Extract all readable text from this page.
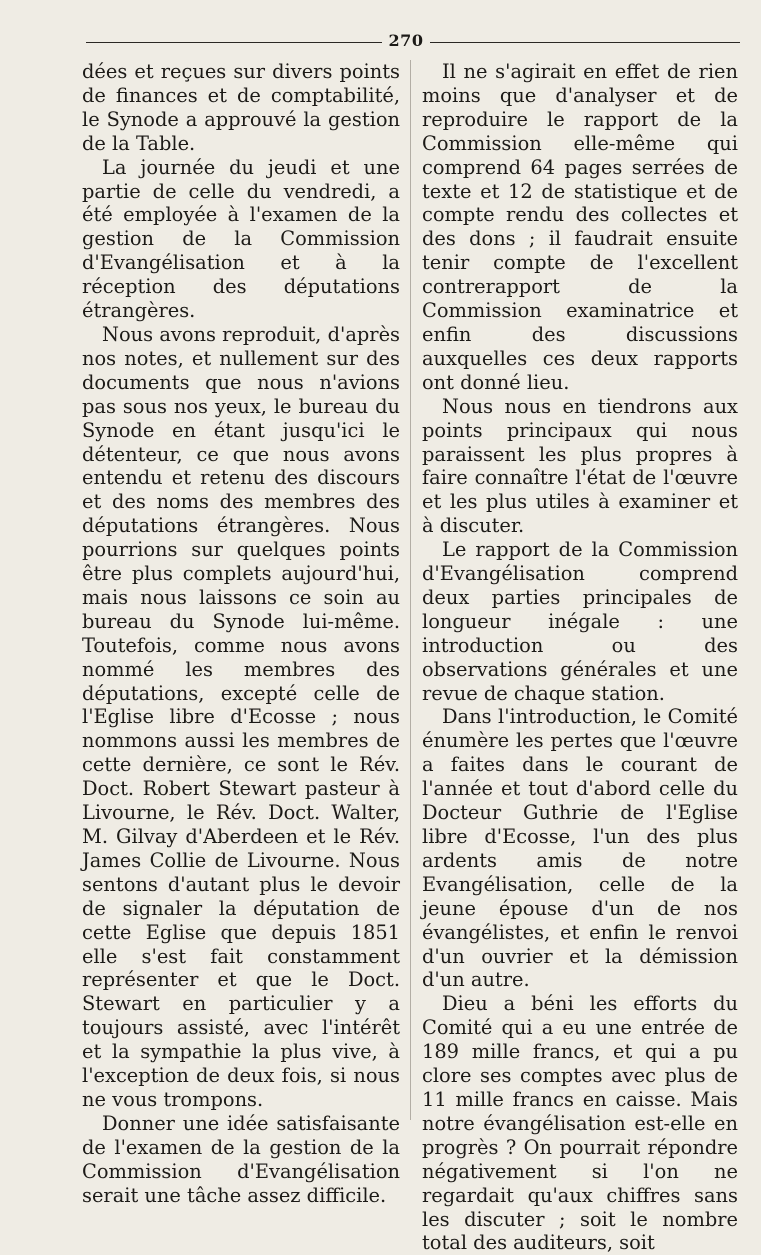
270

dées et reçues sur divers points de finances et de comptabilité, le Synode a approuvé la gestion de la Table.

La journée du jeudi et une partie de celle du vendredi, a été employée à l'examen de la gestion de la Commission d'Evangélisation et à la réception des députations étrangères.

Nous avons reproduit, d'après nos notes, et nullement sur des documents que nous n'avions pas sous nos yeux, le bureau du Synode en étant jusqu'ici le détenteur, ce que nous avons entendu et retenu des discours et des noms des membres des députations étrangères. Nous pourrions sur quelques points être plus complets aujourd'hui, mais nous laissons ce soin au bureau du Synode lui-même. Toutefois, comme nous avons nommé les membres des députations, excepté celle de l'Eglise libre d'Ecosse ; nous nommons aussi les membres de cette dernière, ce sont le Rév. Doct. Robert Stewart pasteur à Livourne, le Rév. Doct. Walter, M. Gilvay d'Aberdeen et le Rév. James Collie de Livourne. Nous sentons d'autant plus le devoir de signaler la députation de cette Eglise que depuis 1851 elle s'est fait constamment représenter et que le Doct. Stewart en particulier y a toujours assisté, avec l'intérêt et la sympathie la plus vive, à l'exception de deux fois, si nous ne vous trompons.

Donner une idée satisfaisante de l'examen de la gestion de la Commission d'Evangélisation serait une tâche assez difficile.

Il ne s'agirait en effet de rien moins que d'analyser et de reproduire le rapport de la Commission elle-même qui comprend 64 pages serrées de texte et 12 de statistique et de compte rendu des collectes et des dons ; il faudrait ensuite tenir compte de l'excellent contrerapport de la Commission examinatrice et enfin des discussions auxquelles ces deux rapports ont donné lieu.

Nous nous en tiendrons aux points principaux qui nous paraissent les plus propres à faire connaître l'état de l'œuvre et les plus utiles à examiner et à discuter.

Le rapport de la Commission d'Evangélisation comprend deux parties principales de longueur inégale : une introduction ou des observations générales et une revue de chaque station.

Dans l'introduction, le Comité énumère les pertes que l'œuvre a faites dans le courant de l'année et tout d'abord celle du Docteur Guthrie de l'Eglise libre d'Ecosse, l'un des plus ardents amis de notre Evangélisation, celle de la jeune épouse d'un de nos évangélistes, et enfin le renvoi d'un ouvrier et la démission d'un autre.

Dieu a béni les efforts du Comité qui a eu une entrée de 189 mille francs, et qui a pu clore ses comptes avec plus de 11 mille francs en caisse. Mais notre évangélisation est-elle en progrès ? On pourrait répondre négativement si l'on ne regardait qu'aux chiffres sans les discuter ; soit le nombre total des auditeurs, soit
